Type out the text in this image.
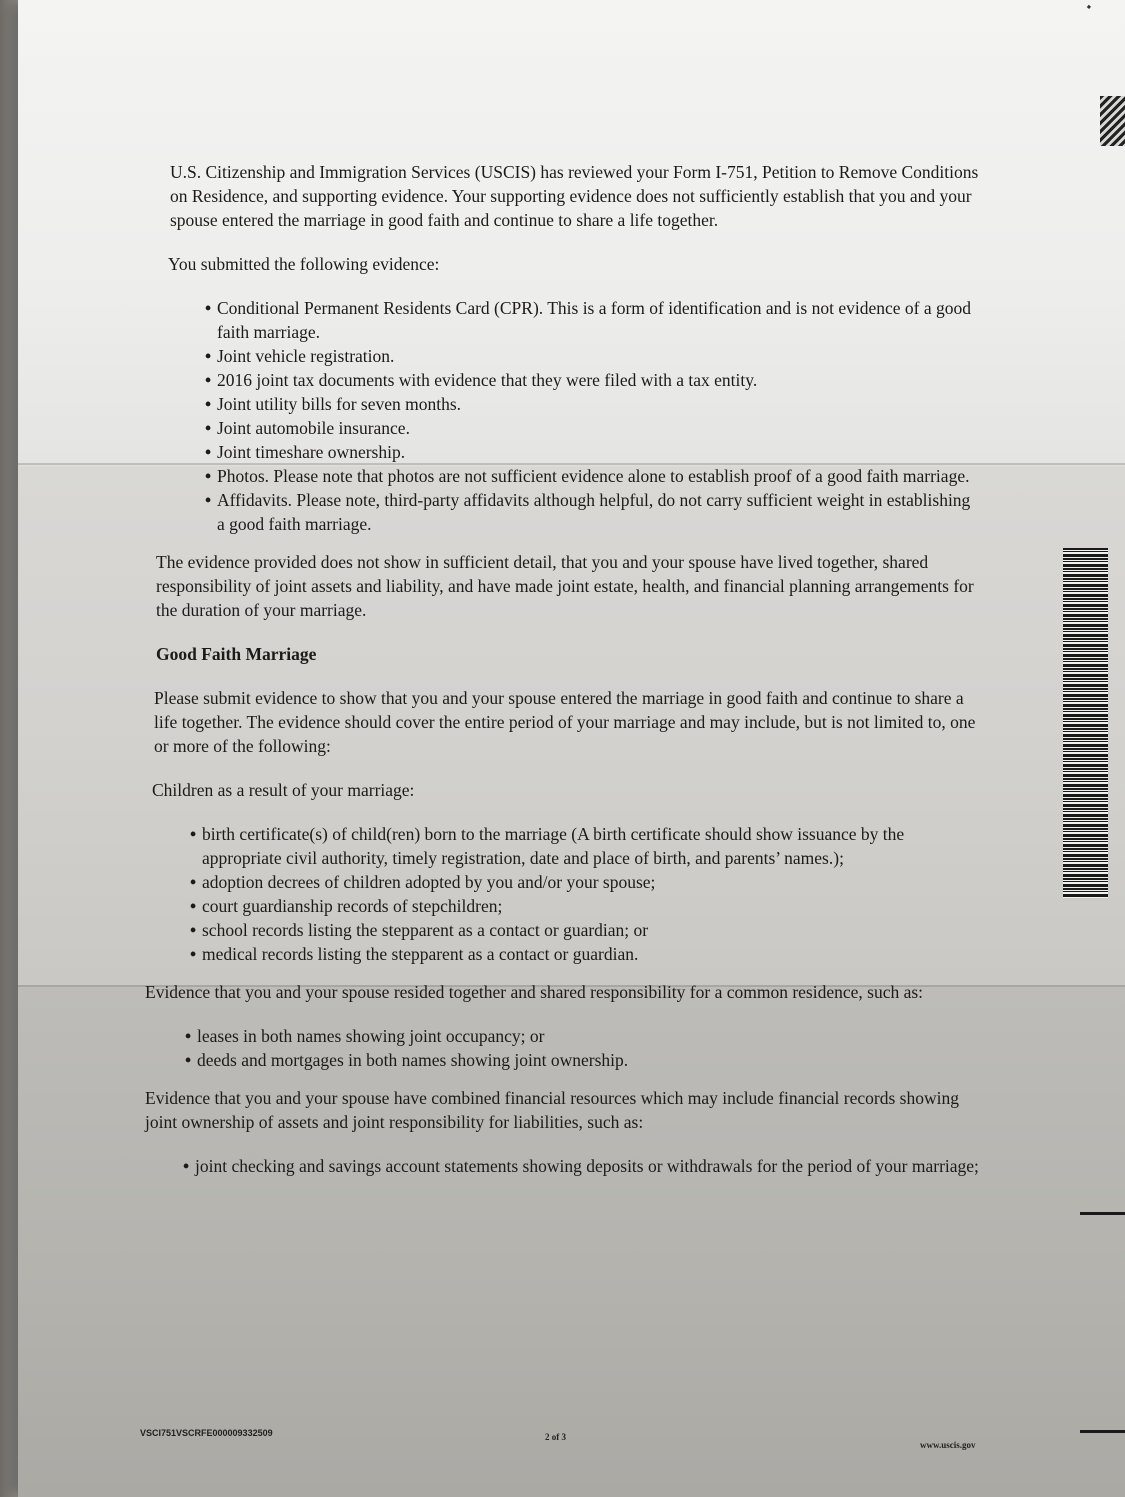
▪

U.S. Citizenship and Immigration Services (USCIS) has reviewed your Form I-751, Petition to Remove Conditions on Residence, and supporting evidence. Your supporting evidence does not sufficiently establish that you and your spouse entered the marriage in good faith and continue to share a life together.

You submitted the following evidence:

• Conditional Permanent Residents Card (CPR). This is a form of identification and is not evidence of a good faith marriage.
• Joint vehicle registration.
• 2016 joint tax documents with evidence that they were filed with a tax entity.
• Joint utility bills for seven months.
• Joint automobile insurance.
• Joint timeshare ownership.
• Photos. Please note that photos are not sufficient evidence alone to establish proof of a good faith marriage.
• Affidavits. Please note, third-party affidavits although helpful, do not carry sufficient weight in establishing a good faith marriage.

The evidence provided does not show in sufficient detail, that you and your spouse have lived together, shared responsibility of joint assets and liability, and have made joint estate, health, and financial planning arrangements for the duration of your marriage.

Good Faith Marriage

Please submit evidence to show that you and your spouse entered the marriage in good faith and continue to share a life together. The evidence should cover the entire period of your marriage and may include, but is not limited to, one or more of the following:

Children as a result of your marriage:

• birth certificate(s) of child(ren) born to the marriage (A birth certificate should show issuance by the appropriate civil authority, timely registration, date and place of birth, and parents’ names.);
• adoption decrees of children adopted by you and/or your spouse;
• court guardianship records of stepchildren;
• school records listing the stepparent as a contact or guardian; or
• medical records listing the stepparent as a contact or guardian.

Evidence that you and your spouse resided together and shared responsibility for a common residence, such as:

• leases in both names showing joint occupancy; or
• deeds and mortgages in both names showing joint ownership.

Evidence that you and your spouse have combined financial resources which may include financial records showing joint ownership of assets and joint responsibility for liabilities, such as:

• joint checking and savings account statements showing deposits or withdrawals for the period of your marriage;
VSCI751VSCRFE000009332509	2 of 3
www.uscis.gov
